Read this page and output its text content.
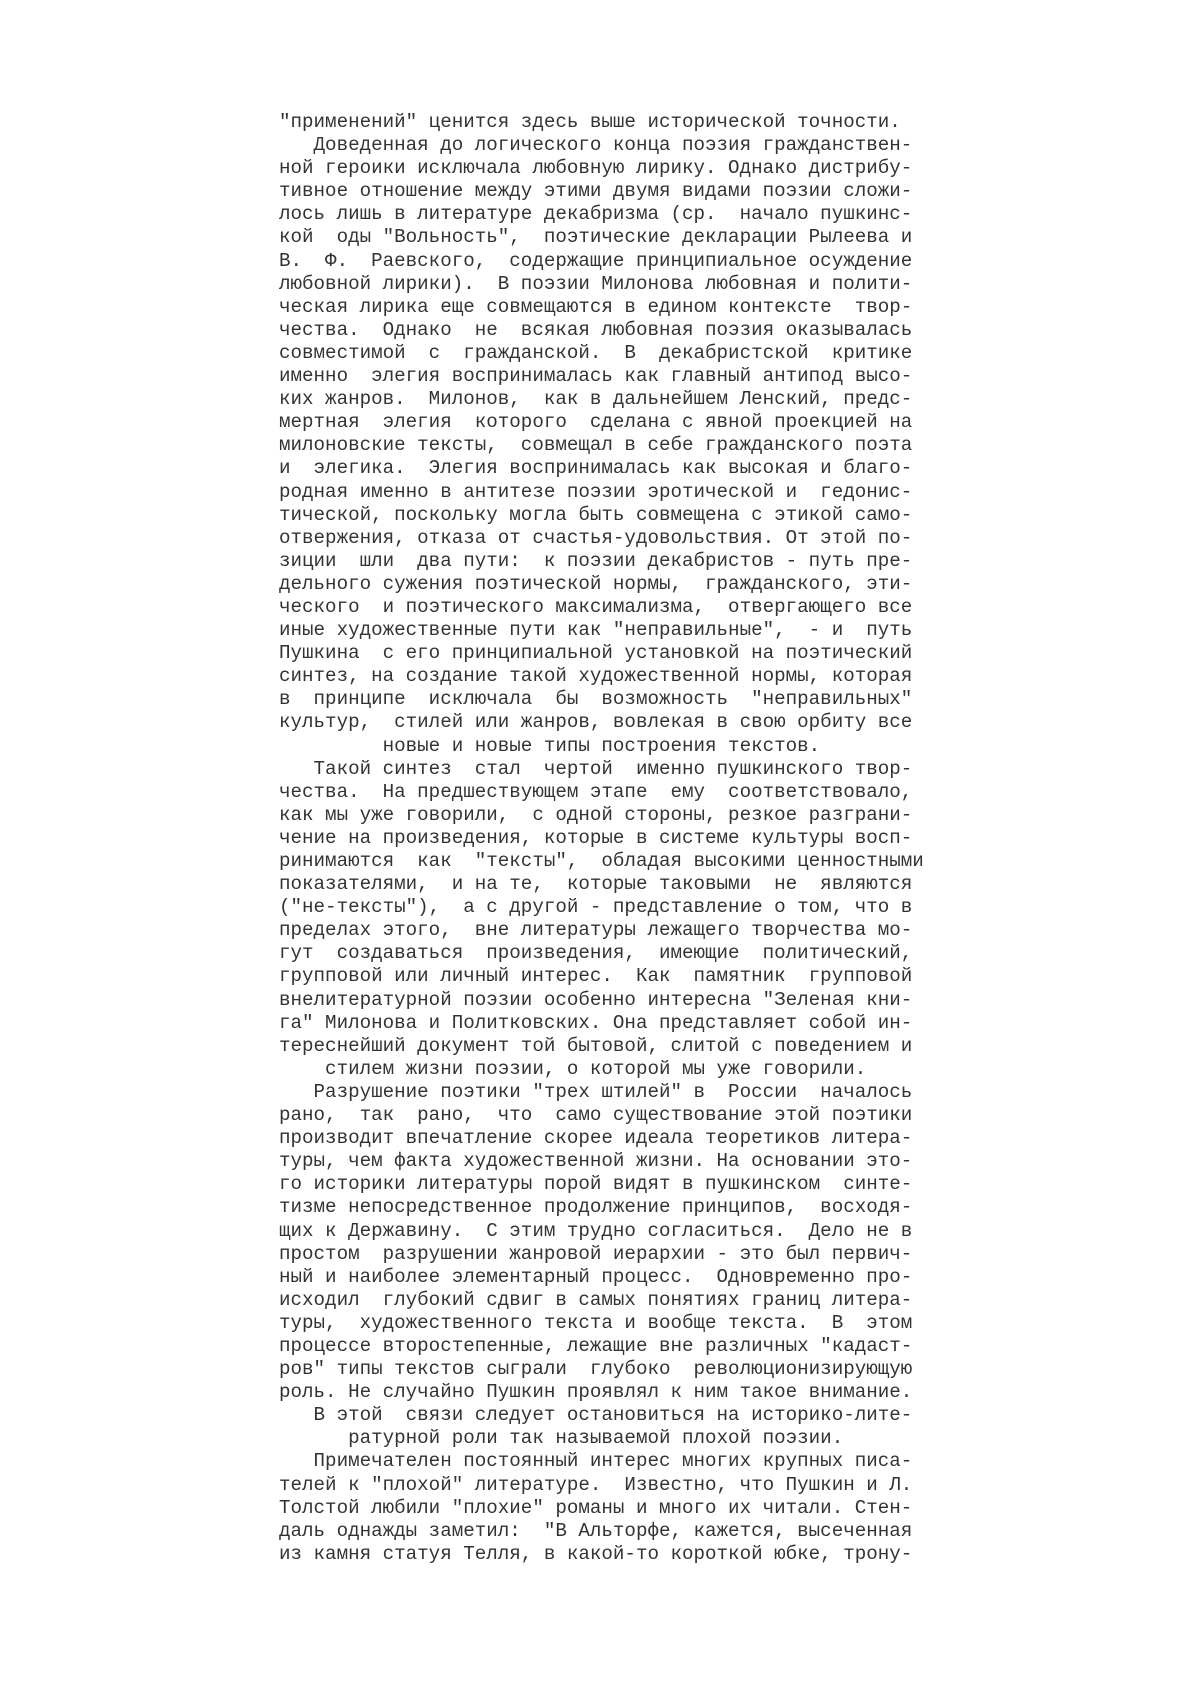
"применений" ценится здесь выше исторической точности.
Доведенная до логического конца поэзия гражданствен-
ной героики исключала любовную лирику. Однако дистрибу-
тивное отношение между этими двумя видами поэзии сложи-
лось лишь в литературе декабризма (ср.  начало пушкинс-
кой  оды "Вольность",  поэтические декларации Рылеева и
В.  Ф.  Раевского,  содержащие принципиальное осуждение
любовной лирики).  В поэзии Милонова любовная и полити-
ческая лирика еще совмещаются в едином контексте  твор-
чества.  Однако  не  всякая любовная поэзия оказывалась
совместимой  с  гражданской.  В  декабристской  критике
именно  элегия воспринималась как главный антипод высо-
ких жанров.  Милонов,  как в дальнейшем Ленский, предс-
мертная  элегия  которого  сделана с явной проекцией на
милоновские тексты,  совмещал в себе гражданского поэта
и  элегика.  Элегия воспринималась как высокая и благо-
родная именно в антитезе поэзии эротической и  гедонис-
тической, поскольку могла быть совмещена с этикой само-
отвержения, отказа от счастья-удовольствия. От этой по-
зиции  шли  два пути:  к поэзии декабристов - путь пре-
дельного сужения поэтической нормы,  гражданского, эти-
ческого  и поэтического максимализма,  отвергающего все
иные художественные пути как "неправильные",  - и  путь
Пушкина  с его принципиальной установкой на поэтический
синтез, на создание такой художественной нормы, которая
в  принципе  исключала  бы  возможность  "неправильных"
культур,  стилей или жанров, вовлекая в свою орбиту все
новые и новые типы построения текстов.
Такой синтез  стал  чертой  именно пушкинского твор-
чества.  На предшествующем этапе  ему  соответствовало,
как мы уже говорили,  с одной стороны, резкое разграни-
чение на произведения, которые в системе культуры восп-
ринимаются  как  "тексты",  обладая высокими ценностными
показателями,  и на те,  которые таковыми  не  являются
("не-тексты"),  а с другой - представление о том, что в
пределах этого,  вне литературы лежащего творчества мо-
гут  создаваться  произведения,  имеющие  политический,
групповой или личный интерес.  Как  памятник  групповой
внелитературной поэзии особенно интересна "Зеленая кни-
га" Милонова и Политковских. Она представляет собой ин-
тереснейший документ той бытовой, слитой с поведением и
стилем жизни поэзии, о которой мы уже говорили.
Разрушение поэтики "трех штилей" в  России  началось
рано,  так  рано,  что  само существование этой поэтики
производит впечатление скорее идеала теоретиков литера-
туры, чем факта художественной жизни. На основании это-
го историки литературы порой видят в пушкинском  синте-
тизме непосредственное продолжение принципов,  восходя-
щих к Державину.  С этим трудно согласиться.  Дело не в
простом  разрушении жанровой иерархии - это был первич-
ный и наиболее элементарный процесс.  Одновременно про-
исходил  глубокий сдвиг в самых понятиях границ литера-
туры,  художественного текста и вообще текста.  В  этом
процессе второстепенные, лежащие вне различных "кадаст-
ров" типы текстов сыграли  глубоко  революционизирующую
роль. Не случайно Пушкин проявлял к ним такое внимание.
В этой  связи следует остановиться на историко-лите-
ратурной роли так называемой плохой поэзии.
Примечателен постоянный интерес многих крупных писа-
телей к "плохой" литературе.  Известно, что Пушкин и Л.
Толстой любили "плохие" романы и много их читали. Стен-
даль однажды заметил:  "В Альторфе, кажется, высеченная
из камня статуя Телля, в какой-то короткой юбке, трону-
